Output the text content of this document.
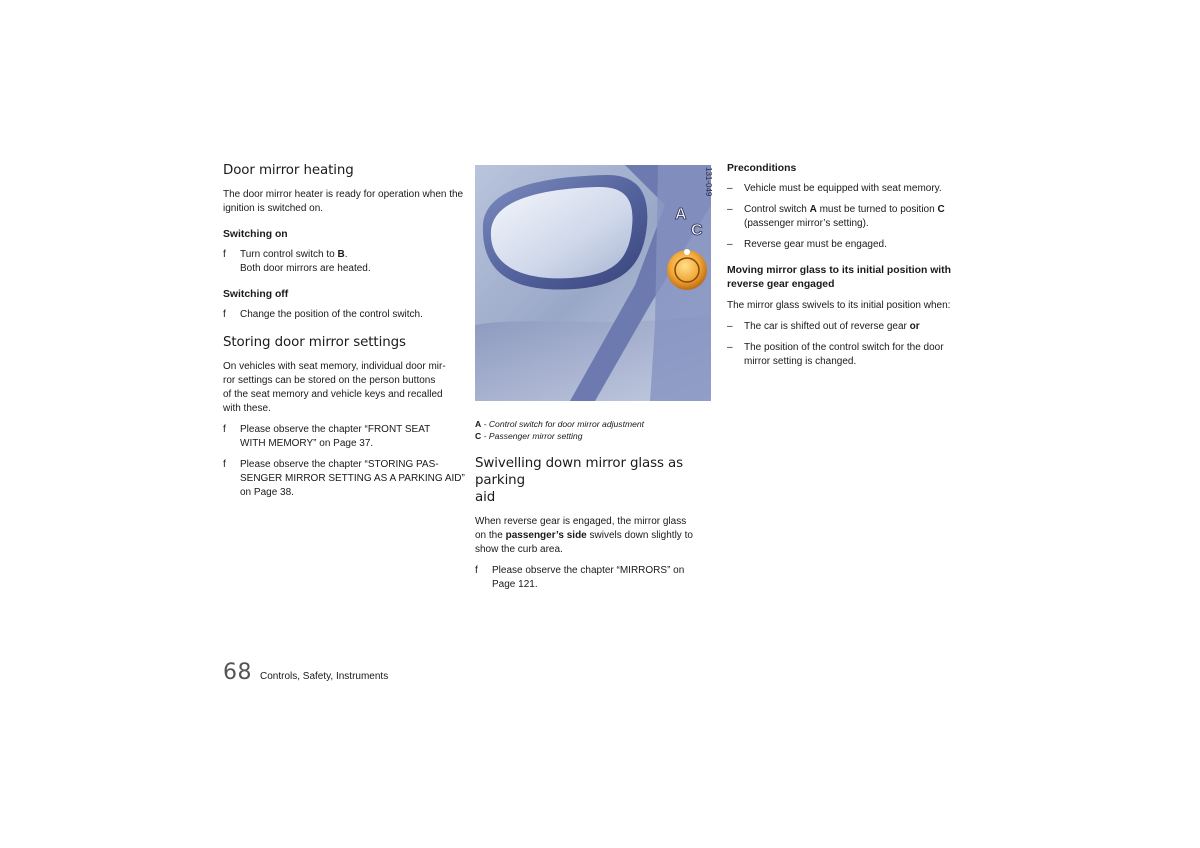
Door mirror heating

The door mirror heater is ready for operation when the ignition is switched on.

Switching on
f Turn control switch to B.
Both door mirrors are heated.
Switching off
f Change the position of the control switch.
Storing door mirror settings

On vehicles with seat memory, individual door mir-
ror settings can be stored on the person buttons
of the seat memory and vehicle keys and recalled
with these.

f Please observe the chapter “FRONT SEAT
WITH MEMORY” on Page 37.
f Please observe the chapter “STORING PAS-
SENGER MIRROR SETTING AS A PARKING AID”
on Page 38.
A
C
131-049
A - Control switch for door mirror adjustment
C - Passenger mirror setting
Swivelling down mirror glass as parking
aid

When reverse gear is engaged, the mirror glass
on the passenger’s side swivels down slightly to
show the curb area.

f Please observe the chapter “MIRRORS” on
Page 121.
Preconditions
– Vehicle must be equipped with seat memory.
– Control switch A must be turned to position C
(passenger mirror’s setting).
– Reverse gear must be engaged.
Moving mirror glass to its initial position with
reverse gear engaged

The mirror glass swivels to its initial position when:

– The car is shifted out of reverse gear or
– The position of the control switch for the door
mirror setting is changed.
68 Controls, Safety, Instruments
